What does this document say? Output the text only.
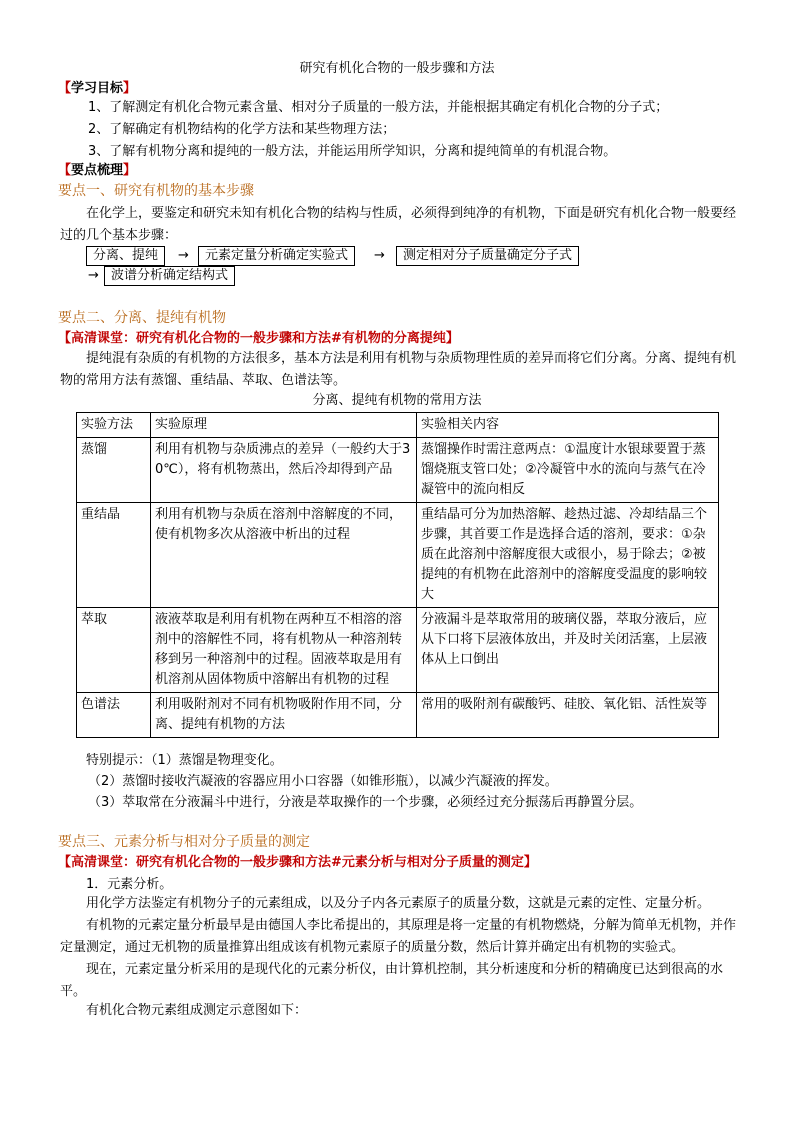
研究有机化合物的一般步骤和方法
【学习目标】
1、了解测定有机化合物元素含量、相对分子质量的一般方法，并能根据其确定有机化合物的分子式；
2、了解确定有机物结构的化学方法和某些物理方法；
3、了解有机物分离和提纯的一般方法，并能运用所学知识，分离和提纯简单的有机混合物。
【要点梳理】
要点一、研究有机物的基本步骤
在化学上，要鉴定和研究未知有机化合物的结构与性质，必须得到纯净的有机物，下面是研究有机化合物一般要经过的几个基本步骤：
分离、提纯	→	元素定量分析确定实验式	→	测定相对分子质量确定分子式
→ 波谱分析确定结构式
要点二、分离、提纯有机物
【高清课堂：研究有机化合物的一般步骤和方法#有机物的分离提纯】
提纯混有杂质的有机物的方法很多，基本方法是利用有机物与杂质物理性质的差异而将它们分离。分离、提纯有机物的常用方法有蒸馏、重结晶、萃取、色谱法等。
分离、提纯有机物的常用方法
实验方法	实验原理	实验相关内容
蒸馏	利用有机物与杂质沸点的差异（一般约大于30℃），将有机物蒸出，然后冷却得到产品	蒸馏操作时需注意两点：①温度计水银球要置于蒸馏烧瓶支管口处；②冷凝管中水的流向与蒸气在冷凝管中的流向相反
重结晶	利用有机物与杂质在溶剂中溶解度的不同，使有机物多次从溶液中析出的过程	重结晶可分为加热溶解、趁热过滤、冷却结晶三个步骤，其首要工作是选择合适的溶剂，要求：①杂质在此溶剂中溶解度很大或很小，易于除去；②被提纯的有机物在此溶剂中的溶解度受温度的影响较大
萃取	液液萃取是利用有机物在两种互不相溶的溶剂中的溶解性不同，将有机物从一种溶剂转移到另一种溶剂中的过程。固液萃取是用有机溶剂从固体物质中溶解出有机物的过程	分液漏斗是萃取常用的玻璃仪器，萃取分液后，应从下口将下层液体放出，并及时关闭活塞，上层液体从上口倒出
色谱法	利用吸附剂对不同有机物吸附作用不同，分离、提纯有机物的方法	常用的吸附剂有碳酸钙、硅胶、氧化铝、活性炭等
特别提示：（1）蒸馏是物理变化。
（2）蒸馏时接收汽凝液的容器应用小口容器（如锥形瓶），以减少汽凝液的挥发。
（3）萃取常在分液漏斗中进行，分液是萃取操作的一个步骤，必须经过充分振荡后再静置分层。
要点三、元素分析与相对分子质量的测定
【高清课堂：研究有机化合物的一般步骤和方法#元素分析与相对分子质量的测定】
1．元素分析。
用化学方法鉴定有机物分子的元素组成，以及分子内各元素原子的质量分数，这就是元素的定性、定量分析。
有机物的元素定量分析最早是由德国人李比希提出的，其原理是将一定量的有机物燃烧，分解为简单无机物，并作定量测定，通过无机物的质量推算出组成该有机物元素原子的质量分数，然后计算并确定出有机物的实验式。
现在，元素定量分析采用的是现代化的元素分析仪，由计算机控制，其分析速度和分析的精确度已达到很高的水平。
有机化合物元素组成测定示意图如下：
